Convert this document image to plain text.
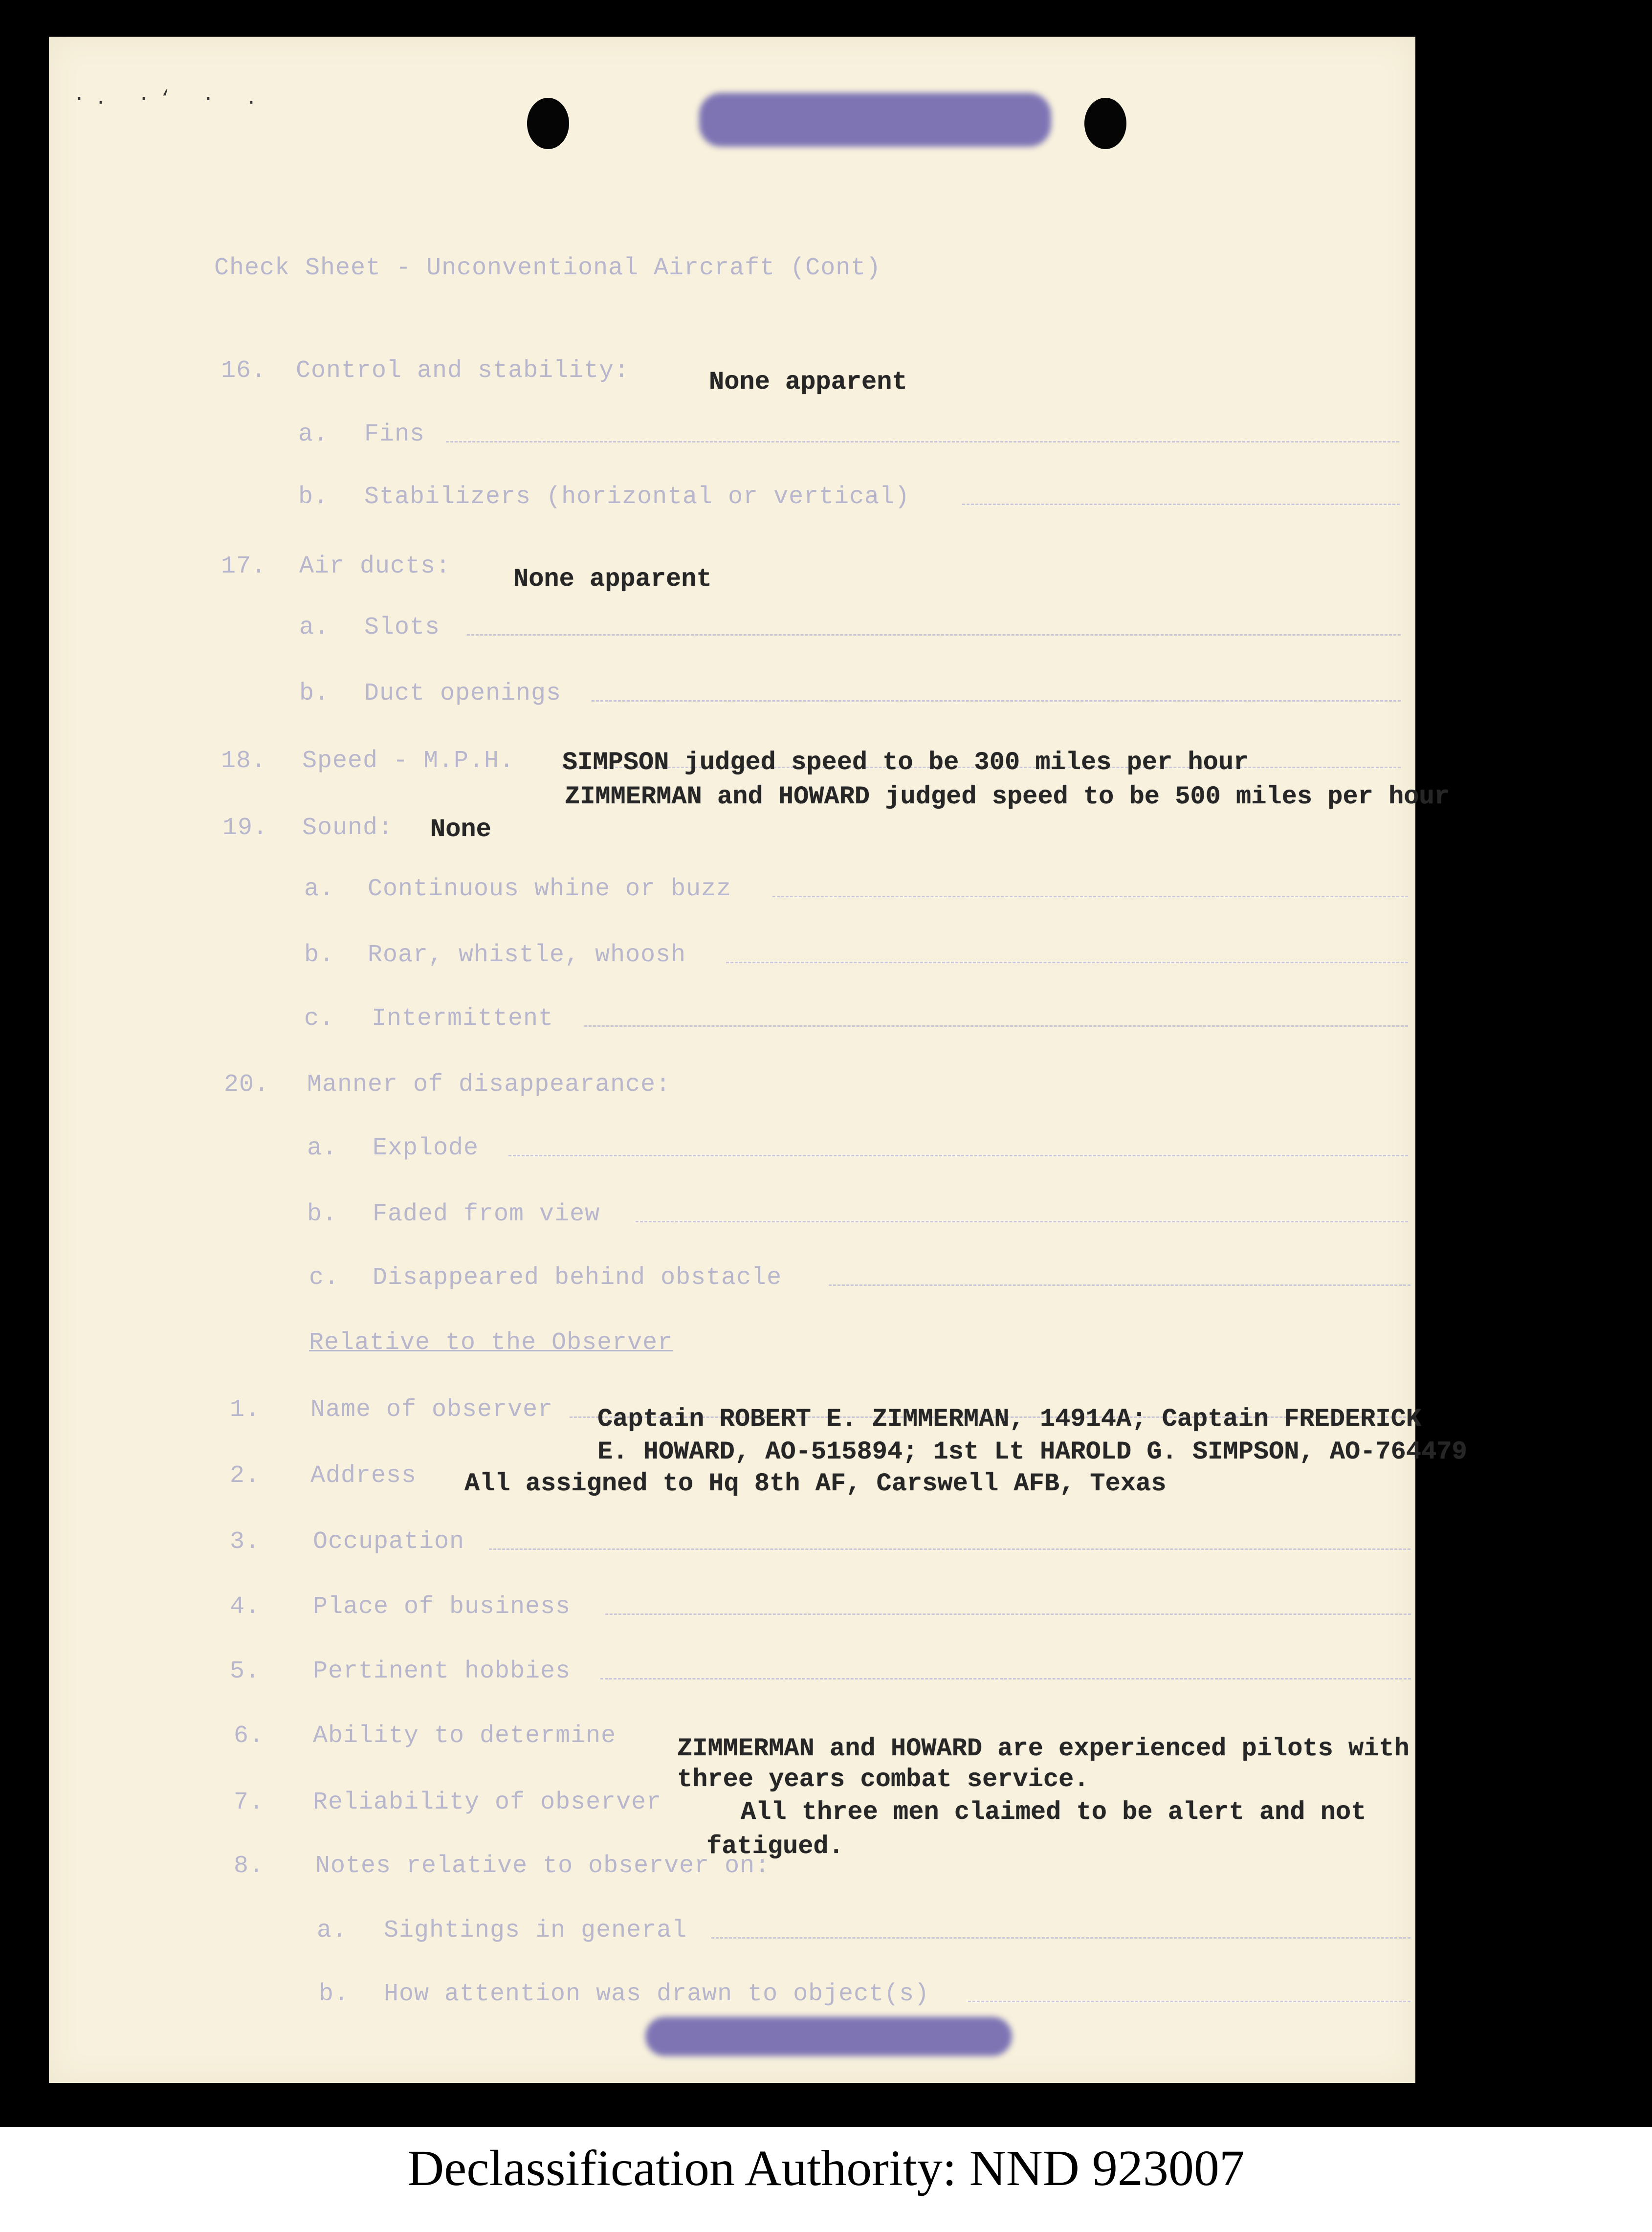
Declassification Authority: NND 923007
·. ·‘ · .
Check Sheet - Unconventional Aircraft (Cont)
16. Control and stability:	None apparent
a. Fins
b. Stabilizers (horizontal or vertical)
17. Air ducts: None apparent
a. Slots
b. Duct openings
18. Speed - M.P.H. SIMPSON judged speed to be 300 miles per hour
ZIMMERMAN and HOWARD judged speed to be 500 miles per hour
19. Sound: None
a. Continuous whine or buzz
b. Roar, whistle, whoosh
c. Intermittent
20. Manner of disappearance:
a. Explode
b. Faded from view
c. Disappeared behind obstacle
Relative to the Observer
1. Name of observer Captain ROBERT E. ZIMMERMAN, 14914A; Captain FREDERICK
E. HOWARD, AO-515894; 1st Lt HAROLD G. SIMPSON, AO-764479
2. Address All assigned to Hq 8th AF, Carswell AFB, Texas
3. Occupation
4. Place of business
5. Pertinent hobbies
6. Ability to determine ZIMMERMAN and HOWARD are experienced pilots with
three years combat service.
7. Reliability of observer	All three men claimed to be alert and not
fatigued.
8. Notes relative to observer on:
a. Sightings in general
b. How attention was drawn to object(s)
